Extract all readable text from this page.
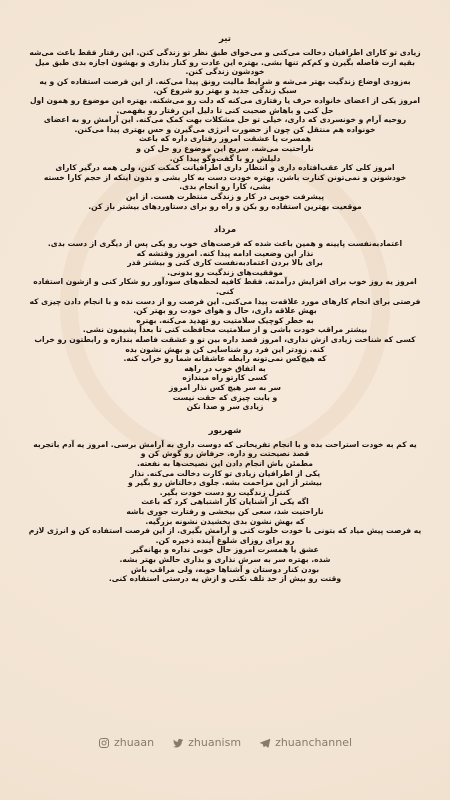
تیر
زیادی تو کارای اطرافیان دخالت می‌کنی و می‌خوای طبق نظر تو زندگی کنن. این رفتار فقط باعث می‌شه
بقیه ازت فاصله بگیرن و کم‌کم تنها بشی. بهتره این عادت رو کنار بذاری و بهشون اجازه بدی طبق میل
خودشون زندگی کنن.
به‌زودی اوضاع زندگیت بهتر می‌شه و شرایط مالیت رونق پیدا می‌کنه. از این فرصت استفاده کن و یه
سبک زندگی جدید و بهتر رو شروع کن.
امروز یکی از اعضای خانواده حرف یا رفتاری می‌کنه که دلت رو می‌شکنه. بهتره این موضوع رو همون اول
حل کنی و باهاش صحبت کنی تا دلیل این رفتار رو بفهمی.
روحیه آرام و خونسردی که داری، خیلی تو حل مشکلات بهت کمک می‌کنه. این آرامش رو به اعضای
خونواده هم منتقل کن چون از حضورت انرژی می‌گیرن و حس بهتری پیدا می‌کنن.
همسرت یا عشقت امروز رفتاری داره که باعث
ناراحتیت می‌شه. سریع این موضوع رو حل کن و
دلیلش رو با گفت‌وگو پیدا کن.
امروز کلی کار عقب‌افتاده داری و انتظار داری اطرافیانت کمکت کنن، ولی همه درگیر کارای
خودشونن و نمی‌تونن کنارت باشن. بهتره خودت دست به کار بشی و بدون اینکه از حجم کارا خسته
بشی، کارا رو انجام بدی.
پیشرفت خوبی در کار و زندگی منتظرت هست. از این
موقعیت بهترین استفاده رو بکن و راه رو برای دستاوردهای بیشتر باز کن.
مرداد
اعتماد‌به‌نفست پایینه و همین باعث شده که فرصت‌های خوب رو یکی پس از دیگری از دست بدی.
نذار این وضعیت ادامه پیدا کنه. امروز وقتشه که
برای بالا بردن اعتماد‌به‌نفست کاری کنی و بیشتر قدر
موفقیت‌های زندگیت رو بدونی.
امروز یه روز خوب برای افزایش درآمدته. فقط کافیه لحظه‌های سودآور رو شکار کنی و ازشون استفاده
کنی.
فرصتی برای انجام کارهای مورد علاقه‌ت پیدا می‌کنی. این فرصت رو از دست نده و با انجام دادن چیزی که
بهش علاقه داری، حال و هوای خودت رو بهتر کن.
به خطر کوچیک سلامتیت رو تهدید می‌کنه. بهتره
بیشتر مراقب خودت باشی و از سلامتیت محافظت کنی تا بعداً پشیمون نشی.
کسی که شناخت زیادی ازش نداری، امروز قصد داره بین تو و عشقت فاصله بندازه و رابطتون رو خراب
کنه. زودتر این فرد رو شناسایی کن و بهش نشون بده
که هیچ‌کس نمی‌تونه رابطه عاشقانه شما رو خراب کنه.
به اتفاق خوب در راهه
کسی کارتو راه میندازه
سر به سر هیچ کس نذار امروز
و بابت چیزی که حقت نیست
زیادی سر و صدا نکن
شهریور
یه کم به خودت استراحت بده و با انجام تفریحاتی که دوست داری به آرامش برسی. امروز یه آدم باتجربه
قصد نصیحتت رو داره. حرفاش رو گوش کن و
مطمئن باش انجام دادن این نصیحت‌ها به نفعته.
یکی از اطرافیان زیادی تو کارت دخالت می‌کنه. نذار
بیشتر از این مزاحمت بشه. جلوی دخالتاش رو بگیر و
کنترل زندگیت رو دست خودت بگیر.
اگه یکی از آشنایان کار اشتباهی کرد که باعث
ناراحتیت شد، سعی کن بیخشی و رفتارت جوری باشه
که بهش نشون بدی بخشیدن نشونه بزرگیه.
یه فرصت پیش میاد که بتونی با خودت خلوت کنی و آرامش بگیری. از این فرصت استفاده کن و انرژی لازم
رو برای روزای شلوغ آینده ذخیره کن.
عشق یا همسرت امروز حال خوبی نداره و بهانه‌گیر
شده. بهتره سر به سرش نذاری و بذاری حالش بهتر بشه.
بودن کنار دوستان و آشناها خوبه، ولی مراقب باش
وقتت رو بیش از حد تلف نکنی و ازش یه درستی استفاده کنی.
zhuaan	zhuanism	zhuanchannel
